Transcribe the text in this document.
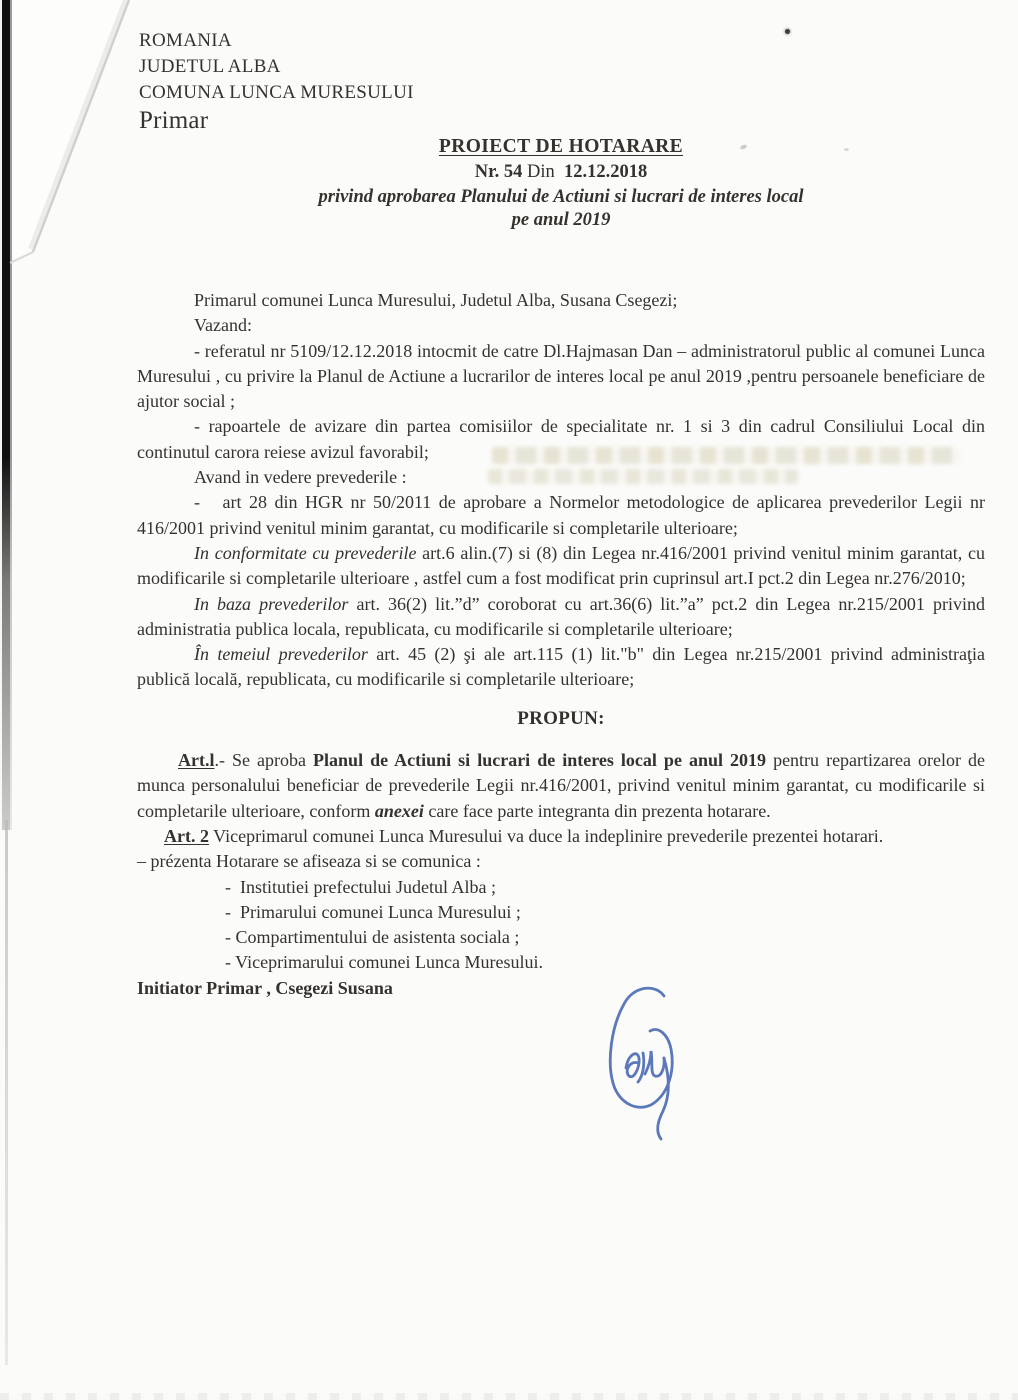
ROMANIA
JUDETUL ALBA
COMUNA LUNCA MURESULUI
Primar
PROIECT DE HOTARARE
Nr. 54 Din 12.12.2018
privind aprobarea Planului de Actiuni si lucrari de interes local
pe anul 2019

Primarul comunei Lunca Muresului, Judetul Alba, Susana Csegezi;

Vazand:

- referatul nr 5109/12.12.2018 intocmit de catre Dl.Hajmasan Dan – administratorul public al comunei Lunca Muresului , cu privire la Planul de Actiune a lucrarilor de interes local pe anul 2019 ,pentru persoanele beneficiare de ajutor social ;

- rapoartele de avizare din partea comisiilor de specialitate nr. 1 si 3 din cadrul Consiliului Local din continutul carora reiese avizul favorabil;

Avand in vedere prevederile :

-   art 28 din HGR nr 50/2011 de aprobare a Normelor metodologice de aplicarea prevederilor Legii nr 416/2001 privind venitul minim garantat, cu modificarile si completarile ulterioare;

In conformitate cu prevederile art.6 alin.(7) si (8) din Legea nr.416/2001 privind venitul minim garantat, cu modificarile si completarile ulterioare , astfel cum a fost modificat prin cuprinsul art.I pct.2 din Legea nr.276/2010;

In baza prevederilor art. 36(2) lit.”d” coroborat cu art.36(6) lit.”a” pct.2 din Legea nr.215/2001 privind administratia publica locala, republicata, cu modificarile si completarile ulterioare;

În temeiul prevederilor art. 45 (2) şi ale art.115 (1) lit."b" din Legea nr.215/2001 privind administraţia publică locală, republicata, cu modificarile si completarile ulterioare;

PROPUN:

Art.l.- Se aproba Planul de Actiuni si lucrari de interes local pe anul 2019 pentru repartizarea orelor de munca personalului beneficiar de prevederile Legii nr.416/2001, privind venitul minim garantat, cu modificarile si completarile ulterioare, conform anexei care face parte integranta din prezenta hotarare.

Art. 2 Viceprimarul comunei Lunca Muresului va duce la indeplinire prevederile prezentei hotarari.

– prézenta Hotarare se afiseaza si se comunica :

-  Institutiei prefectului Judetul Alba ;
-  Primarului comunei Lunca Muresului ;
- Compartimentului de asistenta sociala ;
- Viceprimarului comunei Lunca Muresului.

Initiator Primar , Csegezi Susana
